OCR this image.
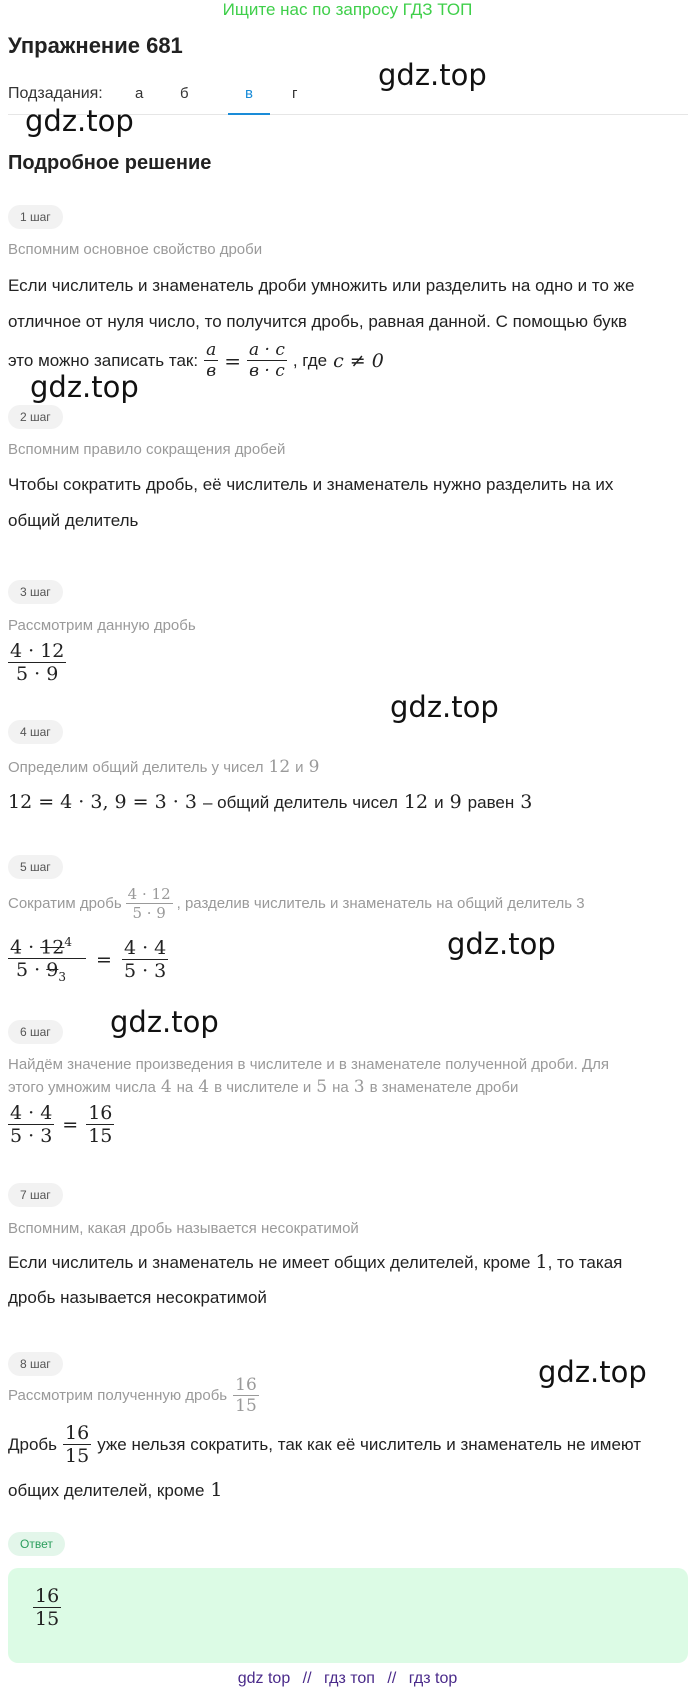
Ищите нас по запросу ГДЗ ТОП
Упражнение 681
Подзадания: а б	в	г
gdz.top
gdz.top
gdz.top
gdz.top
gdz.top
gdz.top
gdz.top
Подробное решение
1 шаг
Вспомним основное свойство дроби
Если числитель и знаменатель дроби умножить или разделить на одно и то же
отличное от нуля число, то получится дробь, равная данной. С помощью букв
это можно записать так: $\frac{a}{в} = \frac{a \cdot c}{в \cdot c}$ , где c ≠ 0
2 шаг
Вспомним правило сокращения дробей
Чтобы сократить дробь, её числитель и знаменатель нужно разделить на их
общий делитель
3 шаг
Рассмотрим данную дробь
$\frac{4 \cdot 12}{5 \cdot 9}$
4 шаг
Определим общий делитель у чисел 12 и 9
12 = 4 · 3, 9 = 3 · 3 – общий делитель чисел 12 и 9 равен 3
5 шаг
Сократим дробь $\frac{4 \cdot 12}{5 \cdot 9}$ , разделив числитель и знаменатель на общий делитель 3
$\frac{4 \cdot 12^4}{5 \cdot 9_3} = \frac{4 \cdot 4}{5 \cdot 3}$
6 шаг
Найдём значение произведения в числителе и в знаменателе полученной дроби. Для
этого умножим числа 4 на 4 в числителе и 5 на 3 в знаменателе дроби
$\frac{4 \cdot 4}{5 \cdot 3} = \frac{16}{15}$
7 шаг
Вспомним, какая дробь называется несократимой
Если числитель и знаменатель не имеет общих делителей, кроме 1 , то такая
дробь называется несократимой
8 шаг
Рассмотрим полученную дробь $\frac{16}{15}$
Дробь $\frac{16}{15}$ уже нельзя сократить, так как её числитель и знаменатель не имеют
общих делителей, кроме 1
Ответ
$\frac{16}{15}$
gdz top // гдз топ // гдз top
